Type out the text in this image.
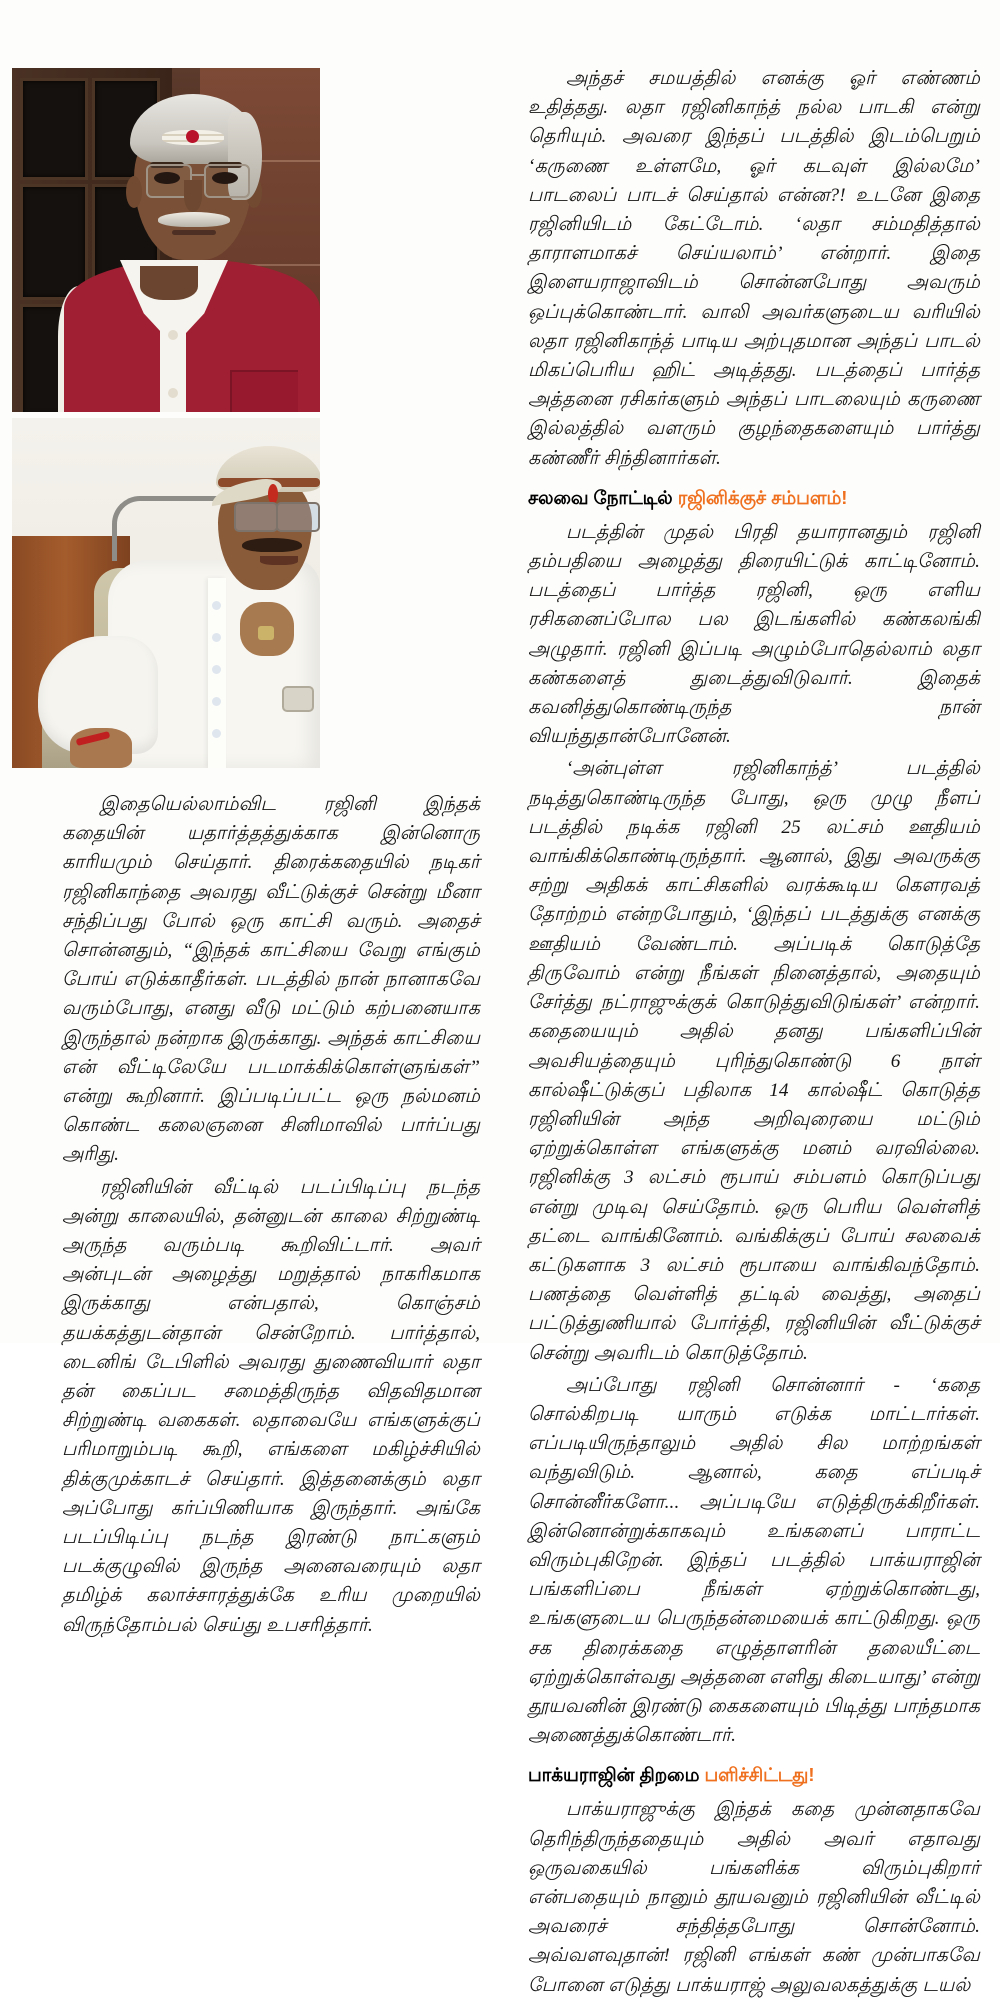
இதையெல்லாம்விட ரஜினி இந்தக் கதையின் யதார்த்தத்துக்காக இன்னொரு காரியமும் செய்தார். திரைக்கதையில் நடிகர் ரஜினிகாந்தை அவரது வீட்டுக்குச் சென்று மீனா சந்திப்பது போல் ஒரு காட்சி வரும். அதைச் சொன்னதும், “இந்தக் காட்சியை வேறு எங்கும் போய் எடுக்காதீர்கள். படத்தில் நான் நானாகவே வரும்போது, எனது வீடு மட்டும் கற்பனையாக இருந்தால் நன்றாக இருக்காது. அந்தக் காட்சியை என் வீட்டிலேயே படமாக்கிக்கொள்ளுங்கள்” என்று கூறினார். இப்படிப்பட்ட ஒரு நல்மனம் கொண்ட கலைஞனை சினிமாவில் பார்ப்பது அரிது.

ரஜினியின் வீட்டில் படப்பிடிப்பு நடந்த அன்று காலையில், தன்னுடன் காலை சிற்றுண்டி அருந்த வரும்படி கூறிவிட்டார். அவர் அன்புடன் அழைத்து மறுத்தால் நாகரிகமாக இருக்காது என்பதால், கொஞ்சம் தயக்கத்துடன்தான் சென்றோம். பார்த்தால், டைனிங் டேபிளில் அவரது துணைவியார் லதா தன் கைப்பட சமைத்திருந்த விதவிதமான சிற்றுண்டி வகைகள். லதாவையே எங்களுக்குப் பரிமாறும்படி கூறி, எங்களை மகிழ்ச்சியில் திக்குமுக்காடச் செய்தார். இத்தனைக்கும் லதா அப்போது கர்ப்பிணியாக இருந்தார். அங்கே படப்பிடிப்பு நடந்த இரண்டு நாட்களும் படக்குழுவில் இருந்த அனைவரையும் லதா தமிழ்க் கலாச்சாரத்துக்கே உரிய முறையில் விருந்தோம்பல் செய்து உபசரித்தார்.

அந்தச் சமயத்தில் எனக்கு ஓர் எண்ணம் உதித்தது. லதா ரஜினிகாந்த் நல்ல பாடகி என்று தெரியும். அவரை இந்தப் படத்தில் இடம்பெறும் ‘கருணை உள்ளமே, ஓர் கடவுள் இல்லமே’ பாடலைப் பாடச் செய்தால் என்ன?! உடனே இதை ரஜினியிடம் கேட்டோம். ‘லதா சம்மதித்தால் தாராளமாகச் செய்யலாம்’ என்றார். இதை இளையராஜாவிடம் சொன்னபோது அவரும் ஒப்புக்கொண்டார். வாலி அவர்களுடைய வரியில் லதா ரஜினிகாந்த் பாடிய அற்புதமான அந்தப் பாடல் மிகப்பெரிய ஹிட் அடித்தது. படத்தைப் பார்த்த அத்தனை ரசிகர்களும் அந்தப் பாடலையும் கருணை இல்லத்தில் வளரும் குழந்தைகளையும் பார்த்து கண்ணீர் சிந்தினார்கள்.

சலவை நோட்டில் ரஜினிக்குச் சம்பளம்!

படத்தின் முதல் பிரதி தயாரானதும் ரஜினி தம்பதியை அழைத்து திரையிட்டுக் காட்டினோம். படத்தைப் பார்த்த ரஜினி, ஒரு எளிய ரசிகனைப்போல பல இடங்களில் கண்கலங்கி அழுதார். ரஜினி இப்படி அழும்போதெல்லாம் லதா கண்களைத் துடைத்துவிடுவார். இதைக் கவனித்துகொண்டிருந்த நான் வியந்துதான்போனேன்.

‘அன்புள்ள ரஜினிகாந்த்’ படத்தில் நடித்துகொண்டிருந்த போது, ஒரு முழு நீளப் படத்தில் நடிக்க ரஜினி 25 லட்சம் ஊதியம் வாங்கிக்கொண்டிருந்தார். ஆனால், இது அவருக்கு சற்று அதிகக் காட்சிகளில் வரக்கூடிய கௌரவத் தோற்றம் என்றபோதும், ‘இந்தப் படத்துக்கு எனக்கு ஊதியம் வேண்டாம். அப்படிக் கொடுத்தே திருவோம் என்று நீங்கள் நினைத்தால், அதையும் சேர்த்து நட்ராஜுக்குக் கொடுத்துவிடுங்கள்’ என்றார். கதையையும் அதில் தனது பங்களிப்பின் அவசியத்தையும் புரிந்துகொண்டு 6 நாள் கால்ஷீட்டுக்குப் பதிலாக 14 கால்ஷீட் கொடுத்த ரஜினியின் அந்த அறிவுரையை மட்டும் ஏற்றுக்கொள்ள எங்களுக்கு மனம் வரவில்லை. ரஜினிக்கு 3 லட்சம் ரூபாய் சம்பளம் கொடுப்பது என்று முடிவு செய்தோம். ஒரு பெரிய வெள்ளித் தட்டை வாங்கினோம். வங்கிக்குப் போய் சலவைக் கட்டுகளாக 3 லட்சம் ரூபாயை வாங்கிவந்தோம். பணத்தை வெள்ளித் தட்டில் வைத்து, அதைப் பட்டுத்துணியால் போர்த்தி, ரஜினியின் வீட்டுக்குச் சென்று அவரிடம் கொடுத்தோம்.

அப்போது ரஜினி சொன்னார் - ‘கதை சொல்கிறபடி யாரும் எடுக்க மாட்டார்கள். எப்படியிருந்தாலும் அதில் சில மாற்றங்கள் வந்துவிடும். ஆனால், கதை எப்படிச் சொன்னீர்களோ... அப்படியே எடுத்திருக்கிறீர்கள். இன்னொன்றுக்காகவும் உங்களைப் பாராட்ட விரும்புகிறேன். இந்தப் படத்தில் பாக்யராஜின் பங்களிப்பை நீங்கள் ஏற்றுக்கொண்டது, உங்களுடைய பெருந்தன்மையைக் காட்டுகிறது. ஒரு சக திரைக்கதை எழுத்தாளரின் தலையீட்டை ஏற்றுக்கொள்வது அத்தனை எளிது கிடையாது’ என்று தூயவனின் இரண்டு கைகளையும் பிடித்து பாந்தமாக அணைத்துக்கொண்டார்.

பாக்யராஜின் திறமை பளிச்சிட்டது!

பாக்யராஜுக்கு இந்தக் கதை முன்னதாகவே தெரிந்திருந்ததையும் அதில் அவர் எதாவது ஒருவகையில் பங்களிக்க விரும்புகிறார் என்பதையும் நானும் தூயவனும் ரஜினியின் வீட்டில் அவரைச் சந்தித்தபோது சொன்னோம். அவ்வளவுதான்! ரஜினி எங்கள் கண் முன்பாகவே போனை எடுத்து பாக்யராஜ் அலுவலகத்துக்கு டயல்
